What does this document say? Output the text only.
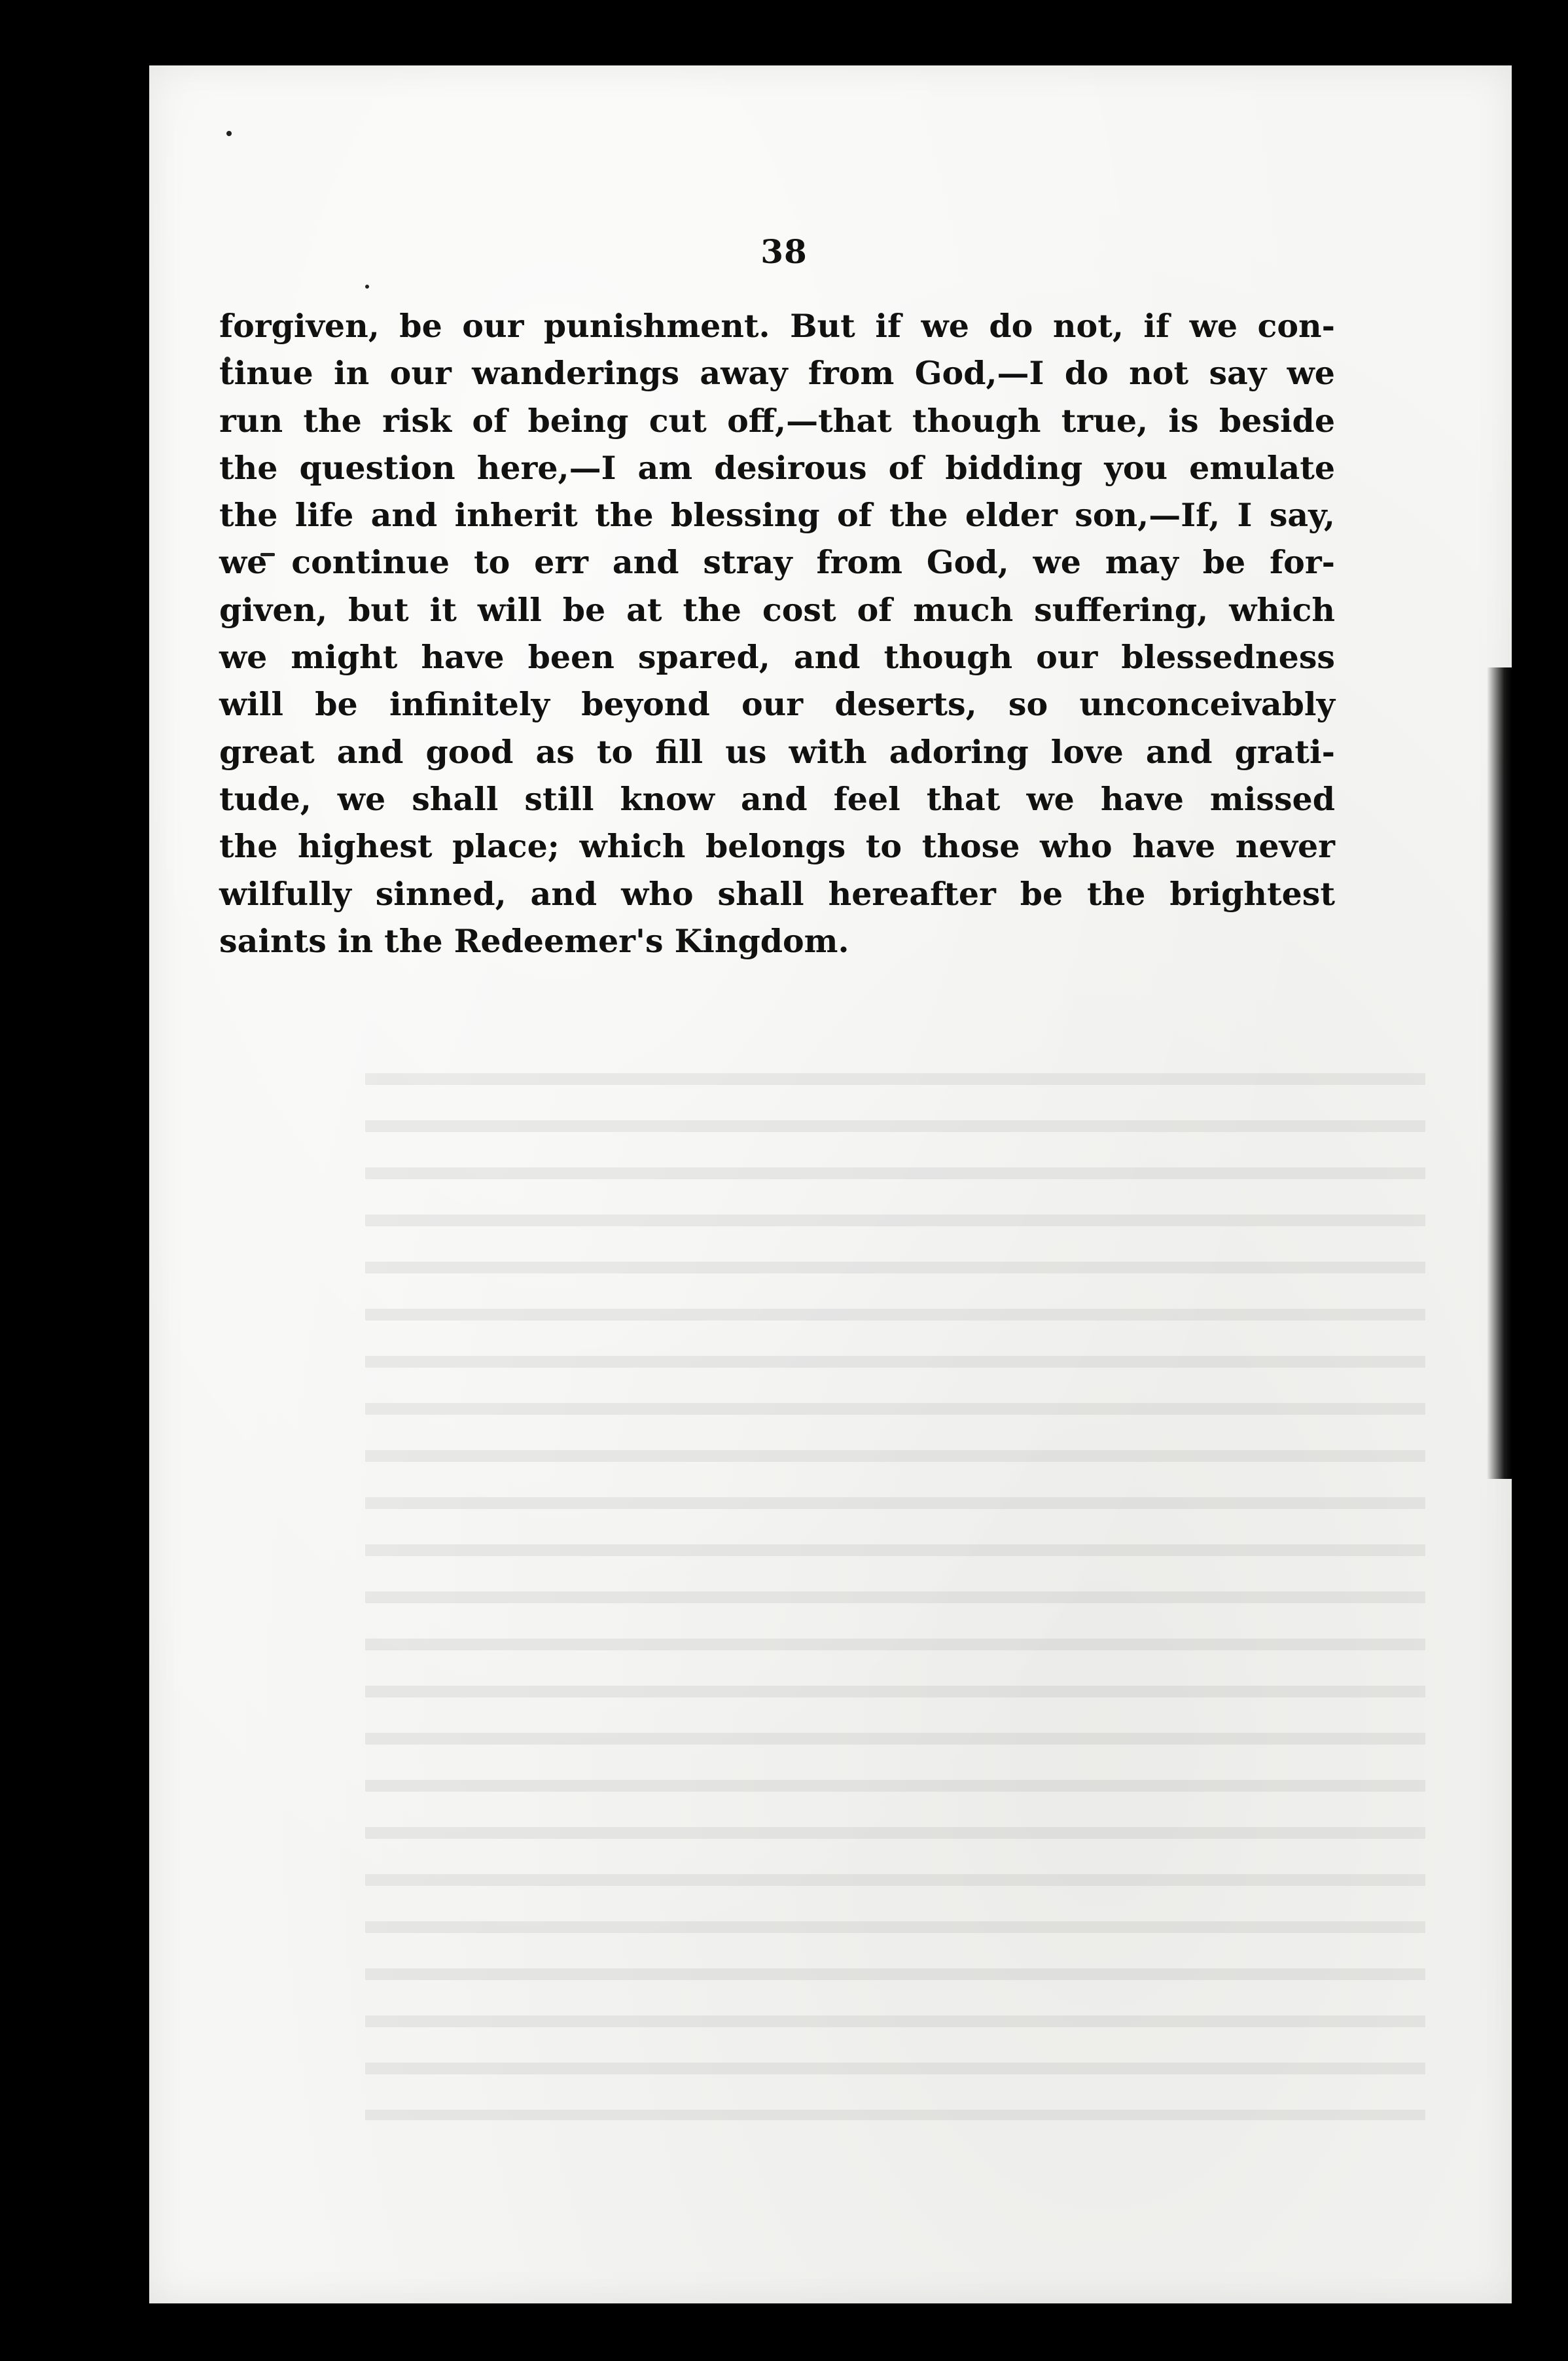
38
forgiven, be our punishment. But if we do not, if we con-
tinue in our wanderings away from God,—I do not say we
run the risk of being cut off,—that though true, is beside
the question here,—I am desirous of bidding you emulate
the life and inherit the blessing of the elder son,—If, I say,
we continue to err and stray from God, we may be for-
given, but it will be at the cost of much suffering, which
we might have been spared, and though our blessedness
will be infinitely beyond our deserts, so unconceivably
great and good as to fill us with adoring love and grati-
tude, we shall still know and feel that we have missed
the highest place; which belongs to those who have never
wilfully sinned, and who shall hereafter be the brightest
saints in the Redeemer's Kingdom.
